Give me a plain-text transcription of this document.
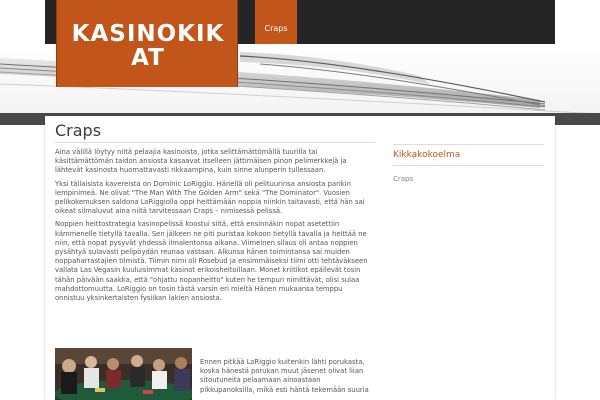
KASINOKIKAT
Craps
Craps

Aina välillä löytyy niitä pelaajia kasinoista, jotka selittämättömällä tuurilla tai käsittämättömän taidon ansiosta kasaavat itselleen jättimäisen pinon pelimerkkejä ja lähtevät kasinosta huomattavasti rikkaampina, kuin sinne alunperin tullessaan.

Yksi tällaisista kavereista on Dominic LoRiggio. Hänellä oli pelituurinsa ansiosta parikin lempinimeä. Ne olivat "The Man With The Golden Arm" sekä "The Dominator". Vuosien pelikokemuksen saldona LoRiggiolla oppi heittämään noppia niinkin taitavasti, että hän sai oikeat silmaluvut aina niitä tarvitessaan Craps – nimisessä pelissä.

Noppien heittostrategia kasinopelissä koostui siitä, että ensinnäkin nopat asetettiin kämmenelle tietyllä tavalla. Sen jälkeen ne piti puristaa kokoon tietyllä tavalla ja heittää ne niin, että nopat pysyvät yhdessä ilmalentonsa aikana. Viimeinen silaus oli antaa noppien pysähtyä sulavasti pelipöydän reunaa vastaan. Alkunsa hänen toimintansa sai muiden noppaharrastajien tilmistä. Tiimin nimi oli Rosebud ja ensimmäiseksi tiimi otti tehtäväkseen vallata Las Vegasin kuuluisimmat kasinot erikoisheitoillaan. Monet kriitikot epäilevät tosin tähän päivään saakka, että "ohjattu nopanheitto" kuten he tempun nimittävät, olisi sulaa mahdottomuutta. LoRiggio on tosin tästä varsin eri mieltä Hänen mukaansa temppu onnistuu yksinkertaisten fysiikan lakien ansiosta.

Ennen pitkää LoRiggio kuitenkin lähti porukasta, koska hänestä porukan muut jäsenet olivat liian sitoutuneita pelaamaan ainoastaan pikkupanoksilla, mikä esti häntä tekemään suuria
Kikkakokoelma
Craps
